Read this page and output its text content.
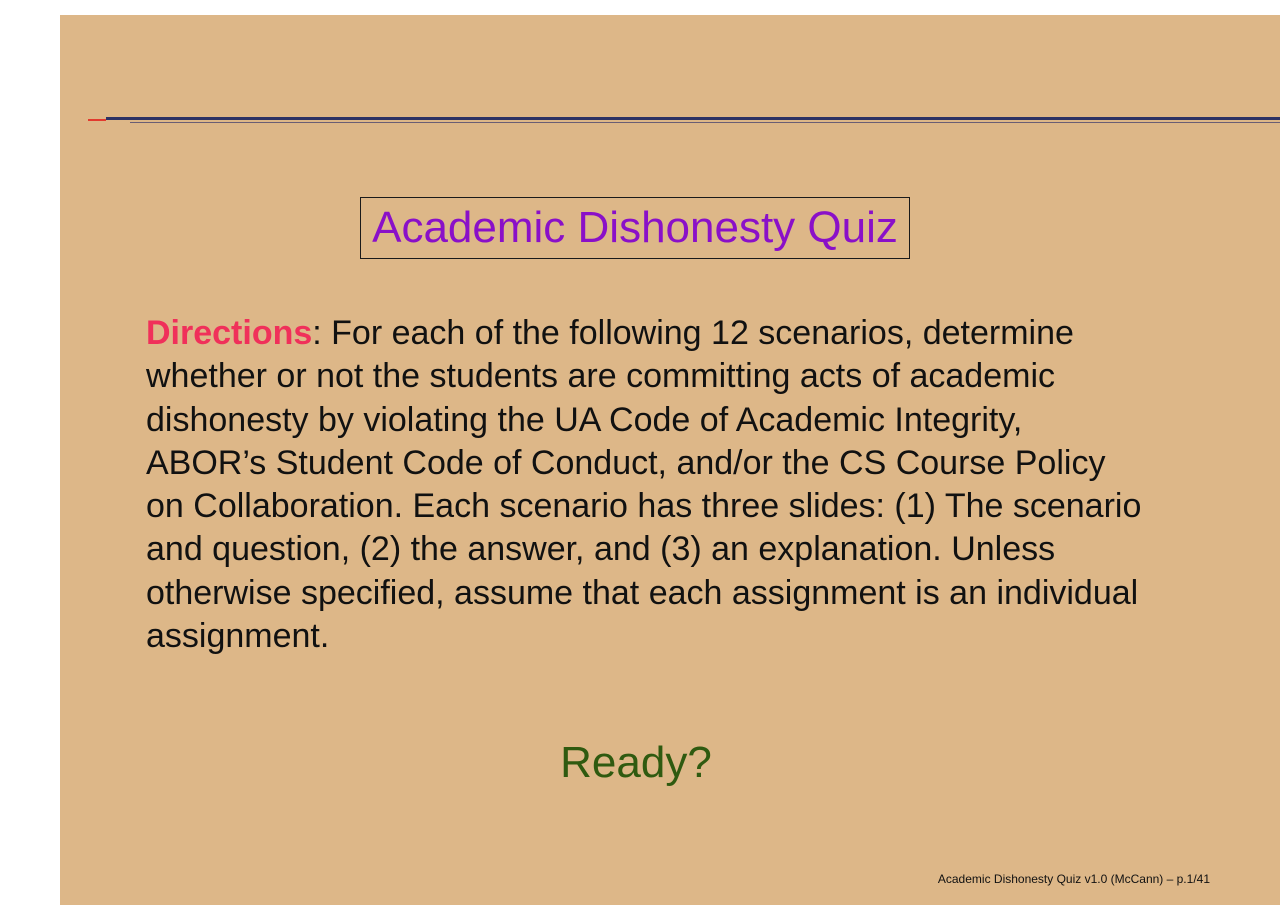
Academic Dishonesty Quiz
Directions: For each of the following 12 scenarios, determine whether or not the students are committing acts of academic dishonesty by violating the UA Code of Academic Integrity, ABOR’s Student Code of Conduct, and/or the CS Course Policy on Collaboration. Each scenario has three slides: (1) The scenario and question, (2) the answer, and (3) an explanation. Unless otherwise specified, assume that each assignment is an individual assignment.
Ready?
Academic Dishonesty Quiz v1.0 (McCann) – p.1/41
